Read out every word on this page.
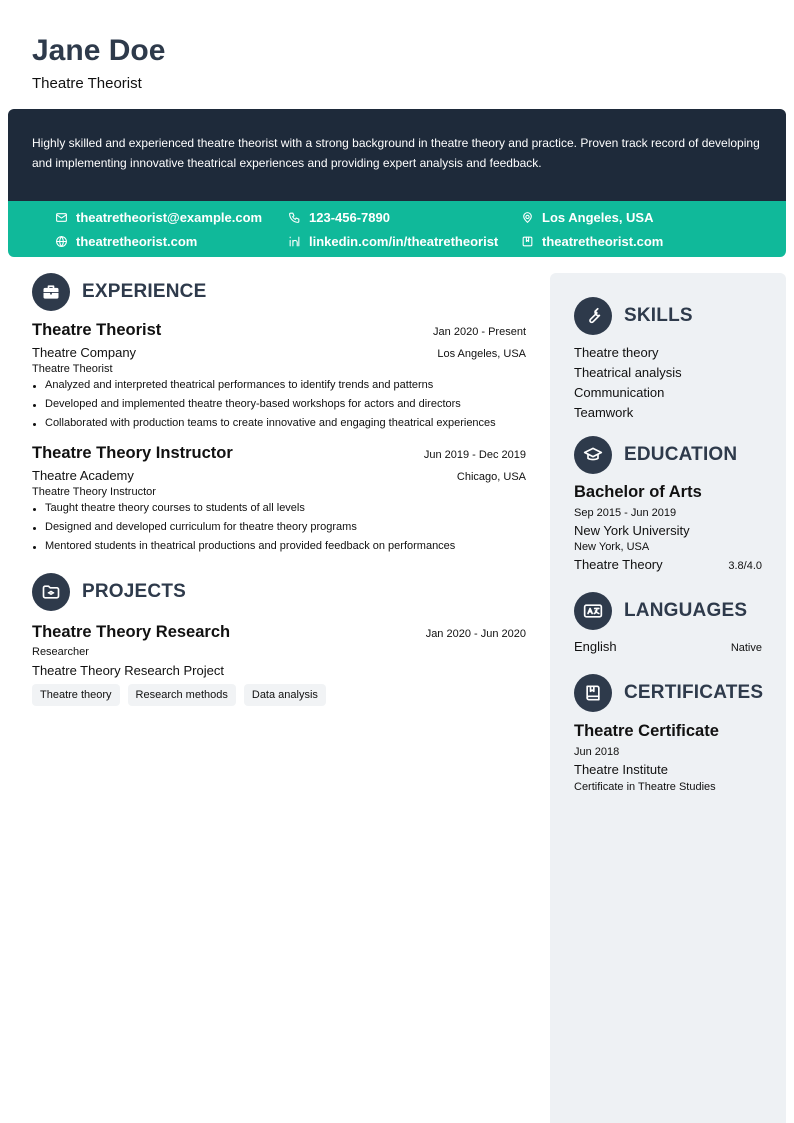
Jane Doe
Theatre Theorist

Highly skilled and experienced theatre theorist with a strong background in theatre theory and practice. Proven track record of developing and implementing innovative theatrical experiences and providing expert analysis and feedback.

theatretheorist@example.com	123-456-7890	Los Angeles, USA
theatretheorist.com	linkedin.com/in/theatretheorist	theatretheorist.com
EXPERIENCE
Theatre Theorist	Jan 2020 - Present
Theatre Company	Los Angeles, USA
Theatre Theorist
Analyzed and interpreted theatrical performances to identify trends and patterns
Developed and implemented theatre theory-based workshops for actors and directors
Collaborated with production teams to create innovative and engaging theatrical experiences
Theatre Theory Instructor	Jun 2019 - Dec 2019
Theatre Academy	Chicago, USA
Theatre Theory Instructor
Taught theatre theory courses to students of all levels
Designed and developed curriculum for theatre theory programs
Mentored students in theatrical productions and provided feedback on performances
PROJECTS
Theatre Theory Research	Jan 2020 - Jun 2020
Researcher
Theatre Theory Research Project
Theatre theory	Research methods	Data analysis
SKILLS
Theatre theory
Theatrical analysis
Communication
Teamwork
EDUCATION
Bachelor of Arts
Sep 2015 - Jun 2019
New York University
New York, USA
Theatre Theory	3.8/4.0
LANGUAGES
English	Native
CERTIFICATES
Theatre Certificate
Jun 2018
Theatre Institute
Certificate in Theatre Studies
